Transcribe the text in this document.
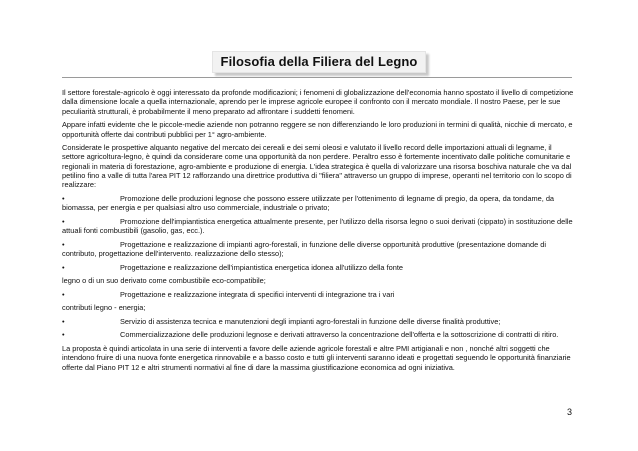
Filosofia della Filiera del Legno

Il settore forestale-agricolo è oggi interessato da profonde modificazioni; i fenomeni di globalizzazione dell'economia hanno spostato il livello di competizione dalla dimensione locale a quella internazionale, aprendo per le imprese agricole europee il confronto con il mercato mondiale. Il nostro Paese, per le sue peculiarità strutturali, è probabilmente il meno preparato ad affrontare i suddetti fenomeni.

Appare infatti evidente che le piccole-medie aziende non potranno reggere se non differenziando le loro produzioni in termini di qualità, nicchie di mercato, e opportunità offerte dai contributi pubblici per 1° agro-ambiente.

Considerate le prospettive alquanto negative del mercato dei cereali e dei semi oleosi e valutato il livello record delle importazioni attuali di legname, il settore agricoltura-legno, è quindi da considerare come una opportunità da non perdere. Peraltro esso è fortemente incentivato dalle politiche comunitarie e regionali in materia di forestazione, agro-ambiente e produzione di energia. L'idea strategica è quella di valorizzare una risorsa boschiva naturale che va dal petilino fino a valle di tutta l'area PIT 12 rafforzando una direttrice produttiva di "filiera" attraverso un gruppo di imprese, operanti nel territorio con lo scopo di realizzare:

•	Promozione delle produzioni legnose che possono essere utilizzate per l'ottenimento di legname di pregio, da opera, da tondame, da biomassa, per energia e per qualsiasi altro uso commerciale, industriale o privato;

•	Promozione dell'impiantistica energetica attualmente presente, per l'utilizzo della risorsa legno o suoi derivati (cippato) in sostituzione delle attuali fonti combustibili (gasolio, gas, ecc.).

•	Progettazione e realizzazione di impianti agro-forestali, in funzione delle diverse opportunità produttive (presentazione domande di contributo, progettazione dell'intervento. realizzazione dello stesso);

•	Progettazione e realizzazione dell'impiantistica energetica idonea all'utilizzo della fonte

legno o di un suo derivato come combustibile eco-compatibile;

•	Progettazione e realizzazione integrata di specifici interventi di integrazione tra i vari

contributi legno - energia;

•	Servizio di assistenza tecnica e manutenzioni degli impianti agro-forestali in funzione delle diverse finalità produttive;

•	Commercializzazione delle produzioni legnose e derivati attraverso la concentrazione dell'offerta e la sottoscrizione di contratti di ritiro.

La proposta è quindi articolata in una serie di interventi a favore delle aziende agricole forestali e altre PMI artigianali e non , nonché altri soggetti che intendono fruire di una nuova fonte energetica rinnovabile e a basso costo e tutti gli interventi saranno ideati e progettati seguendo le opportunità finanziarie offerte dal Piano PIT 12 e altri strumenti normativi al fine di dare la massima giustificazione economica ad ogni iniziativa.

3
